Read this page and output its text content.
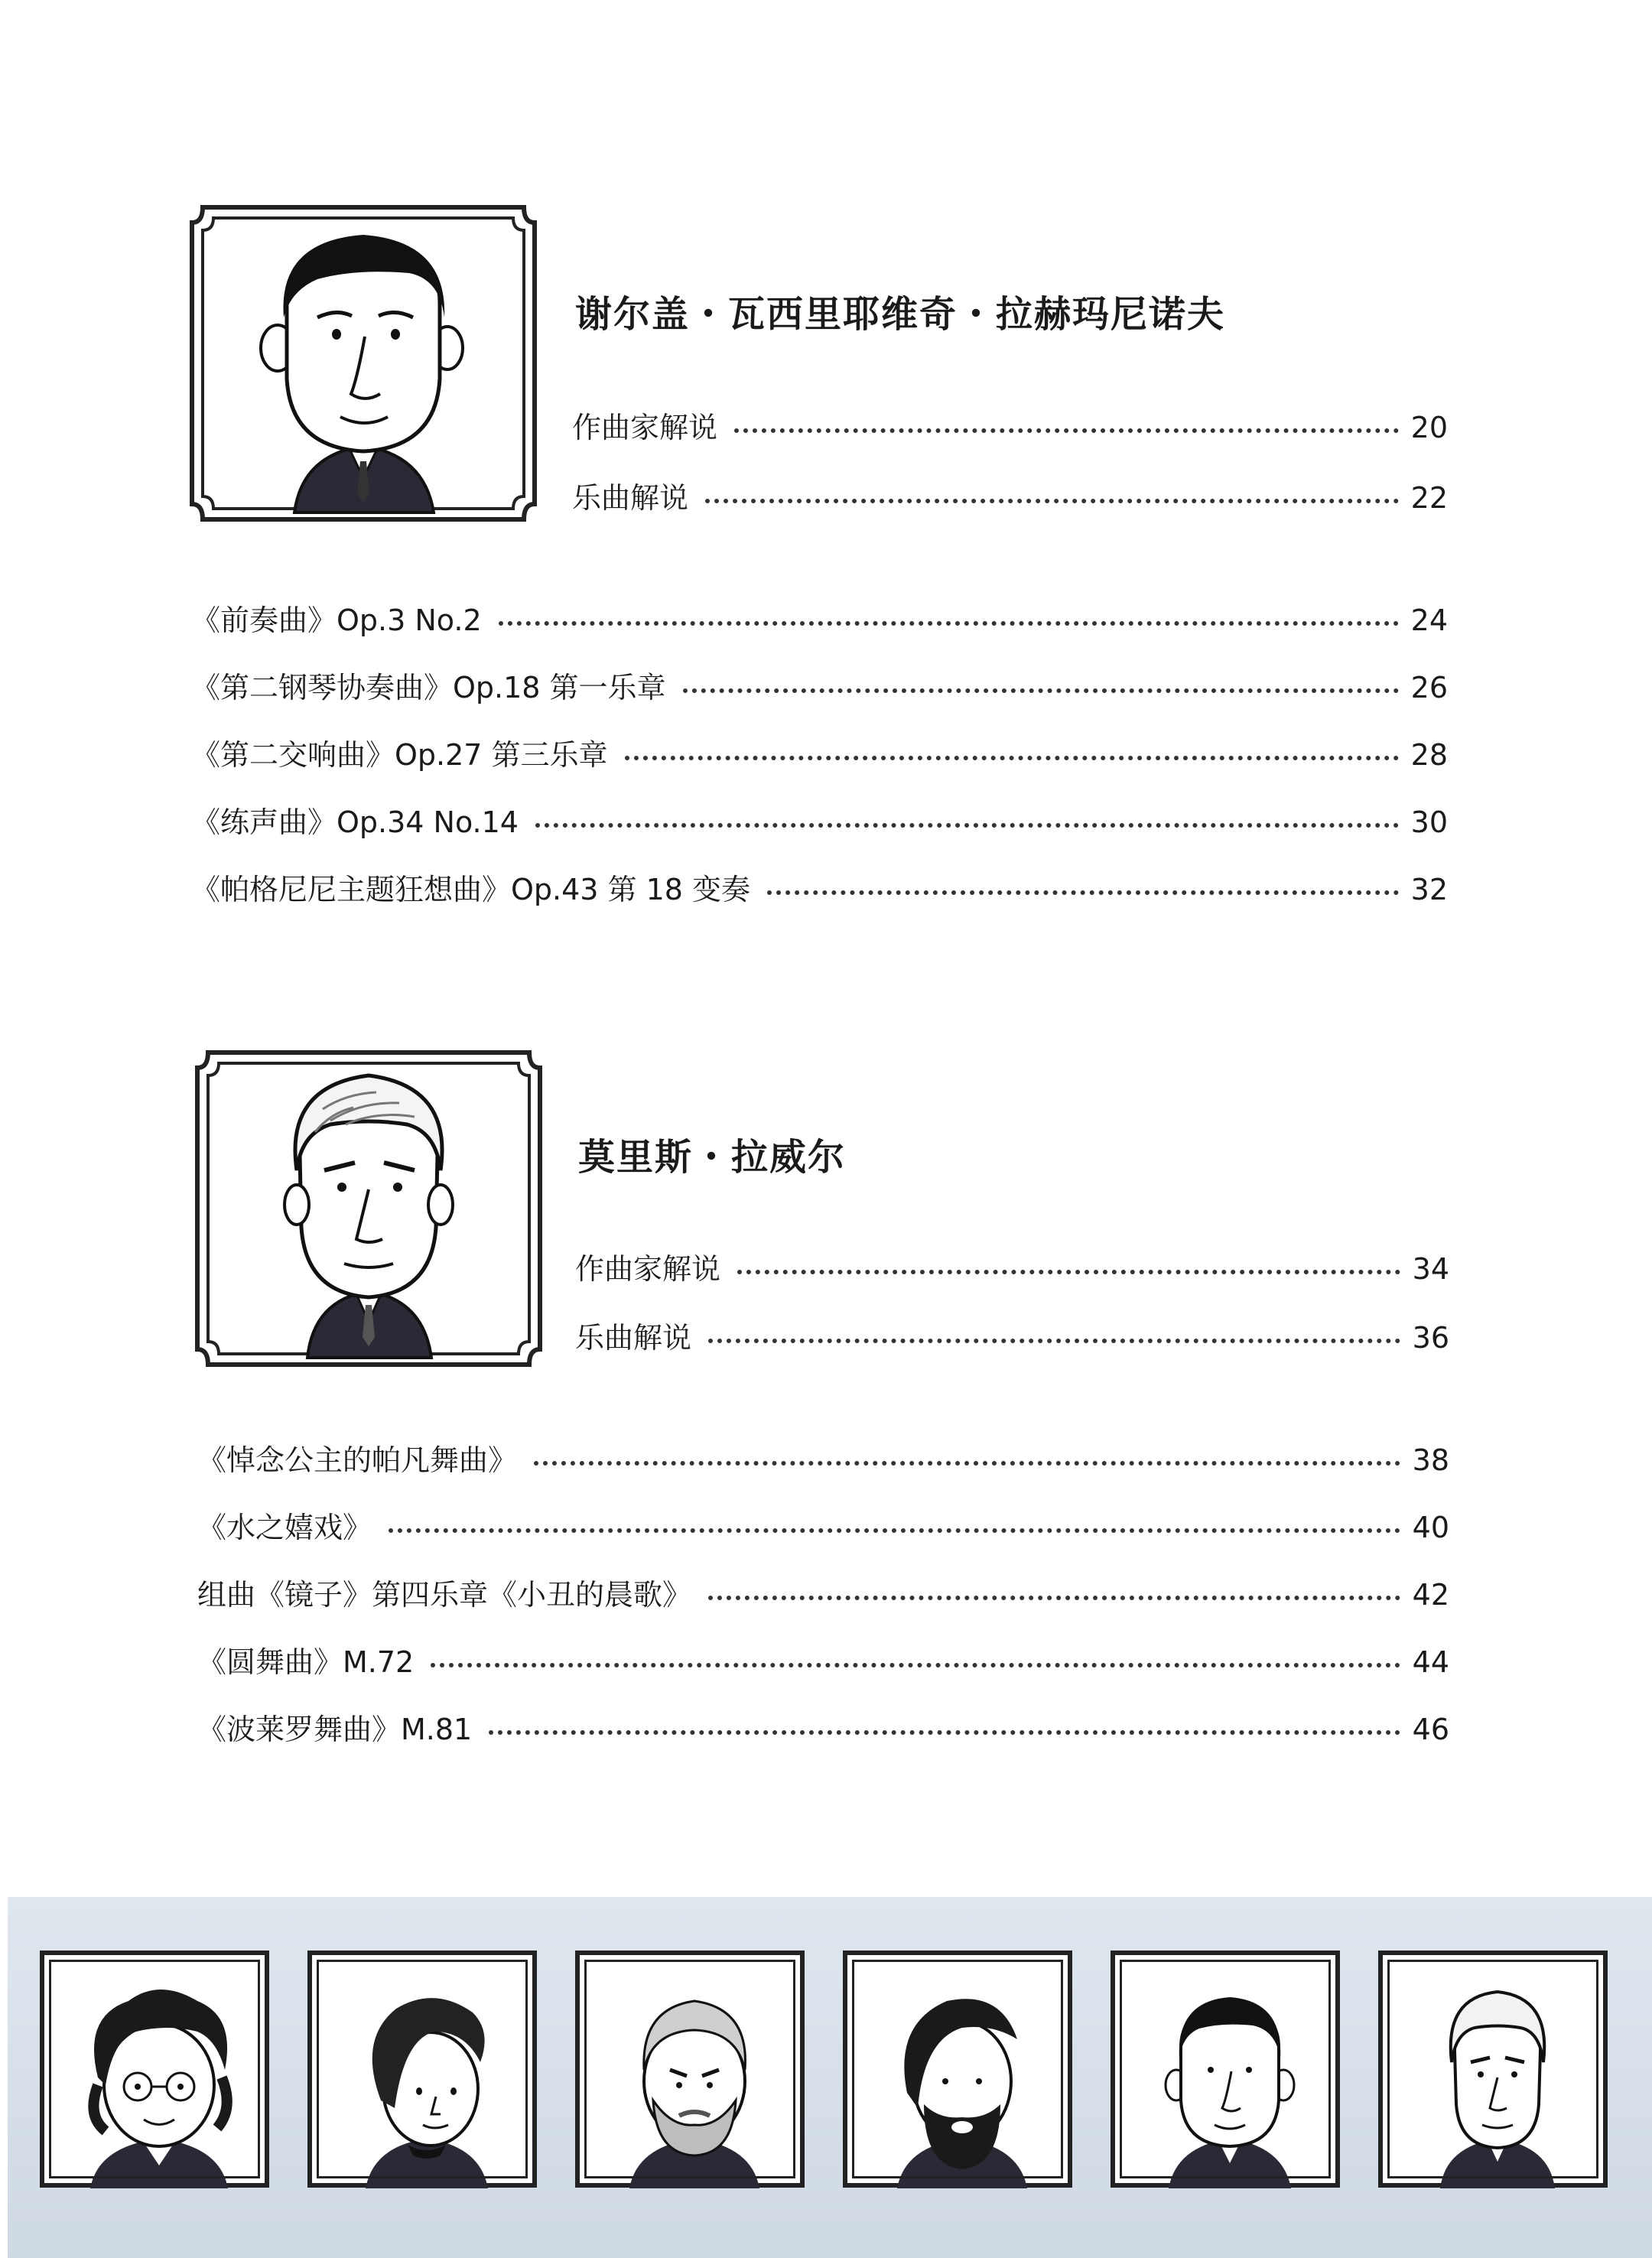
谢尔盖・瓦西里耶维奇・拉赫玛尼诺夫
作曲家解说	20
乐曲解说	22
《前奏曲》Op.3 No.2	24
《第二钢琴协奏曲》Op.18 第一乐章	26
《第二交响曲》Op.27 第三乐章	28
《练声曲》Op.34 No.14	30
《帕格尼尼主题狂想曲》Op.43 第 18 变奏	32
莫里斯・拉威尔
作曲家解说	34
乐曲解说	36
《悼念公主的帕凡舞曲》	38
《水之嬉戏》	40
组曲《镜子》第四乐章《小丑的晨歌》	42
《圆舞曲》M.72	44
《波莱罗舞曲》M.81	46
